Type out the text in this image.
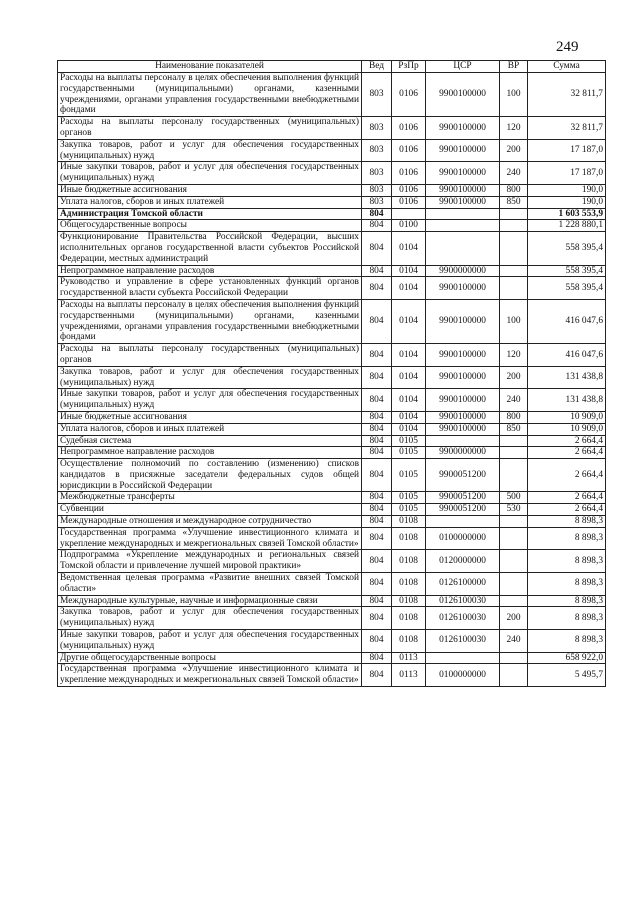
249
Наименование показателей	Вед	РзПр	ЦСР	ВР	Сумма
Расходы на выплаты персоналу в целях обеспечения выполнения функций государственными (муниципальными) органами, казенными учреждениями, органами управления государственными внебюджетными фондами	803	0106	9900100000	100	32 811,7
Расходы на выплаты персоналу государственных (муниципальных) органов	803	0106	9900100000	120	32 811,7
Закупка товаров, работ и услуг для обеспечения государственных (муниципальных) нужд	803	0106	9900100000	200	17 187,0
Иные закупки товаров, работ и услуг для обеспечения государственных (муниципальных) нужд	803	0106	9900100000	240	17 187,0
Иные бюджетные ассигнования	803	0106	9900100000	800	190,0
Уплата налогов, сборов и иных платежей	803	0106	9900100000	850	190,0
Администрация Томской области	804				1 603 553,9
Общегосударственные вопросы	804	0100			1 228 880,1
Функционирование Правительства Российской Федерации, высших исполнительных органов государственной власти субъектов Российской Федерации, местных администраций	804	0104			558 395,4
Непрограммное направление расходов	804	0104	9900000000		558 395,4
Руководство и управление в сфере установленных функций органов государственной власти субъекта Российской Федерации	804	0104	9900100000		558 395,4
Расходы на выплаты персоналу в целях обеспечения выполнения функций государственными (муниципальными) органами, казенными учреждениями, органами управления государственными внебюджетными фондами	804	0104	9900100000	100	416 047,6
Расходы на выплаты персоналу государственных (муниципальных) органов	804	0104	9900100000	120	416 047,6
Закупка товаров, работ и услуг для обеспечения государственных (муниципальных) нужд	804	0104	9900100000	200	131 438,8
Иные закупки товаров, работ и услуг для обеспечения государственных (муниципальных) нужд	804	0104	9900100000	240	131 438,8
Иные бюджетные ассигнования	804	0104	9900100000	800	10 909,0
Уплата налогов, сборов и иных платежей	804	0104	9900100000	850	10 909,0
Судебная система	804	0105			2 664,4
Непрограммное направление расходов	804	0105	9900000000		2 664,4
Осуществление полномочий по составлению (изменению) списков кандидатов в присяжные заседатели федеральных судов общей юрисдикции в Российской Федерации	804	0105	9900051200		2 664,4
Межбюджетные трансферты	804	0105	9900051200	500	2 664,4
Субвенции	804	0105	9900051200	530	2 664,4
Международные отношения и международное сотрудничество	804	0108			8 898,3
Государственная программа «Улучшение инвестиционного климата и укрепление международных и межрегиональных связей Томской области»	804	0108	0100000000		8 898,3
Подпрограмма «Укрепление международных и региональных связей Томской области и привлечение лучшей мировой практики»	804	0108	0120000000		8 898,3
Ведомственная целевая программа «Развитие внешних связей Томской области»	804	0108	0126100000		8 898,3
Международные культурные, научные и информационные связи	804	0108	0126100030		8 898,3
Закупка товаров, работ и услуг для обеспечения государственных (муниципальных) нужд	804	0108	0126100030	200	8 898,3
Иные закупки товаров, работ и услуг для обеспечения государственных (муниципальных) нужд	804	0108	0126100030	240	8 898,3
Другие общегосударственные вопросы	804	0113			658 922,0
Государственная программа «Улучшение инвестиционного климата и укрепление международных и межрегиональных связей Томской области»	804	0113	0100000000		5 495,7
